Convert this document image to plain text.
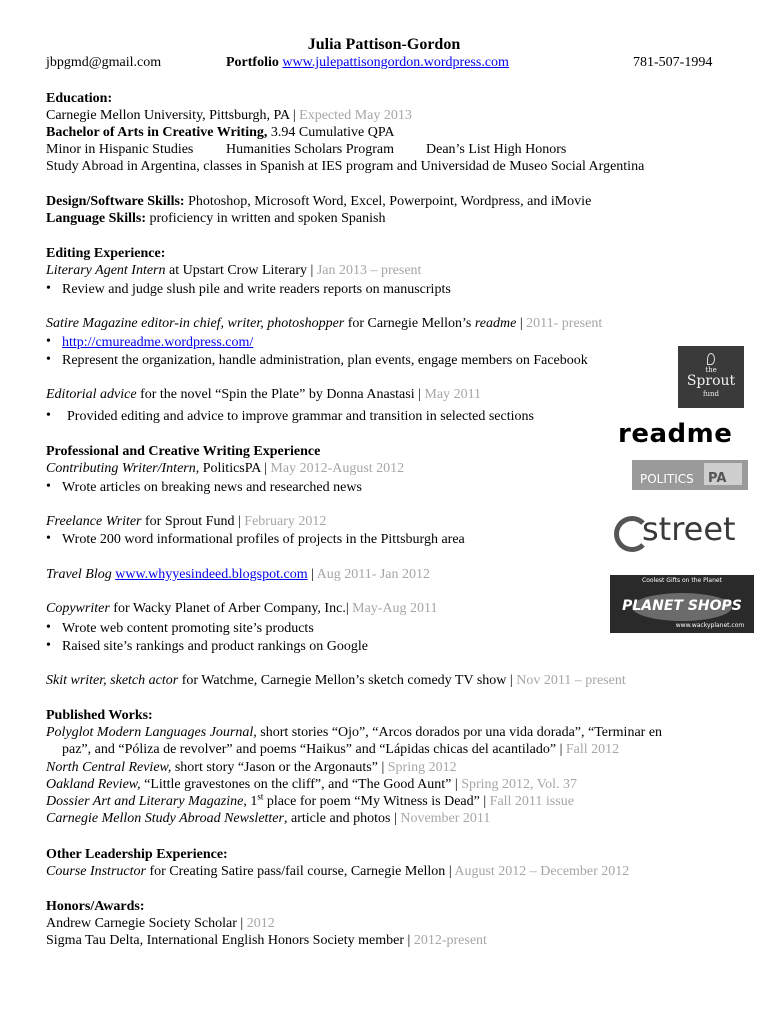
Julia Pattison-Gordon
jbpgmd@gmail.com	Portfolio www.julepattisongordon.wordpress.com	781-507-1994
Education:
Carnegie Mellon University, Pittsburgh, PA | Expected May 2013
Bachelor of Arts in Creative Writing, 3.94 Cumulative QPA
Minor in Hispanic Studies Humanities Scholars Program Dean’s List High Honors
Study Abroad in Argentina, classes in Spanish at IES program and Universidad de Museo Social Argentina
Design/Software Skills: Photoshop, Microsoft Word, Excel, Powerpoint, Wordpress, and iMovie
Language Skills: proficiency in written and spoken Spanish
Editing Experience:
Literary Agent Intern at Upstart Crow Literary | Jan 2013 – present
• Review and judge slush pile and write readers reports on manuscripts
Satire Magazine editor-in chief, writer, photoshopper for Carnegie Mellon’s readme | 2011- present
• http://cmureadme.wordpress.com/
• Represent the organization, handle administration, plan events, engage members on Facebook
Editorial advice for the novel “Spin the Plate” by Donna Anastasi | May 2011
• Provided editing and advice to improve grammar and transition in selected sections
Professional and Creative Writing Experience
Contributing Writer/Intern, PoliticsPA | May 2012-August 2012
• Wrote articles on breaking news and researched news
Freelance Writer for Sprout Fund | February 2012
• Wrote 200 word informational profiles of projects in the Pittsburgh area
Travel Blog www.whyyesindeed.blogspot.com | Aug 2011- Jan 2012
Copywriter for Wacky Planet of Arber Company, Inc.| May-Aug 2011
• Wrote web content promoting site’s products
• Raised site’s rankings and product rankings on Google
Skit writer, sketch actor for Watchme, Carnegie Mellon’s sketch comedy TV show | Nov 2011 – present
Published Works:
Polyglot Modern Languages Journal, short stories “Ojo”, “Arcos dorados por una vida dorada”, “Terminar en
paz”, and “Póliza de revolver” and poems “Haikus” and “Lápidas chicas del acantilado” | Fall 2012
North Central Review, short story “Jason or the Argonauts” | Spring 2012
Oakland Review, “Little gravestones on the cliff”, and “The Good Aunt” | Spring 2012, Vol. 37
Dossier Art and Literary Magazine, 1st place for poem “My Witness is Dead” | Fall 2011 issue
Carnegie Mellon Study Abroad Newsletter, article and photos | November 2011
Other Leadership Experience:
Course Instructor for Creating Satire pass/fail course, Carnegie Mellon | August 2012 – December 2012
Honors/Awards:
Andrew Carnegie Society Scholar | 2012
Sigma Tau Delta, International English Honors Society member | 2012-present
the
Sprout
fund
readme
POLITICS PA
street
Coolest Gifts on the Planet
PLANET SHOPS
www.wackyplanet.com
